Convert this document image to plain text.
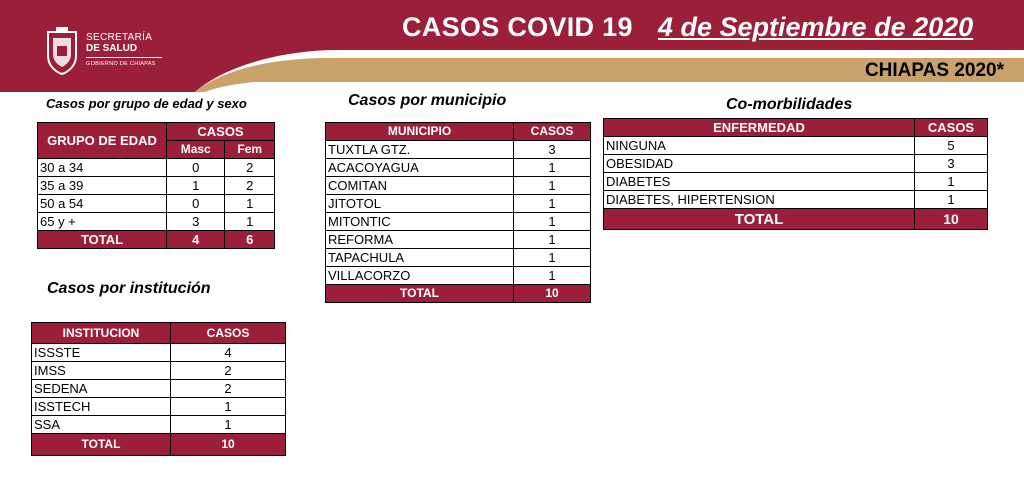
SECRETARÍA
DE SALUD
GOBIERNO DE CHIAPAS
CASOS COVID 19 4 de Septiembre de 2020
CHIAPAS 2020*
Casos por grupo de edad y sexo
GRUPO DE EDAD	CASOS	
	Masc	Fem
30 a 34	0	2
35 a 39	1	2
50 a 54	0	1
65 y +	3	1
TOTAL	4	6
Casos por institución
INSTITUCION	CASOS
ISSSTE	4
IMSS	2
SEDENA	2
ISSTECH	1
SSA	1
TOTAL	10
Casos por municipio
MUNICIPIO	CASOS
TUXTLA GTZ.	3
ACACOYAGUA	1
COMITAN	1
JITOTOL	1
MITONTIC	1
REFORMA	1
TAPACHULA	1
VILLACORZO	1
TOTAL	10
Co-morbilidades
ENFERMEDAD	CASOS
NINGUNA	5
OBESIDAD	3
DIABETES	1
DIABETES, HIPERTENSION	1
TOTAL	10
